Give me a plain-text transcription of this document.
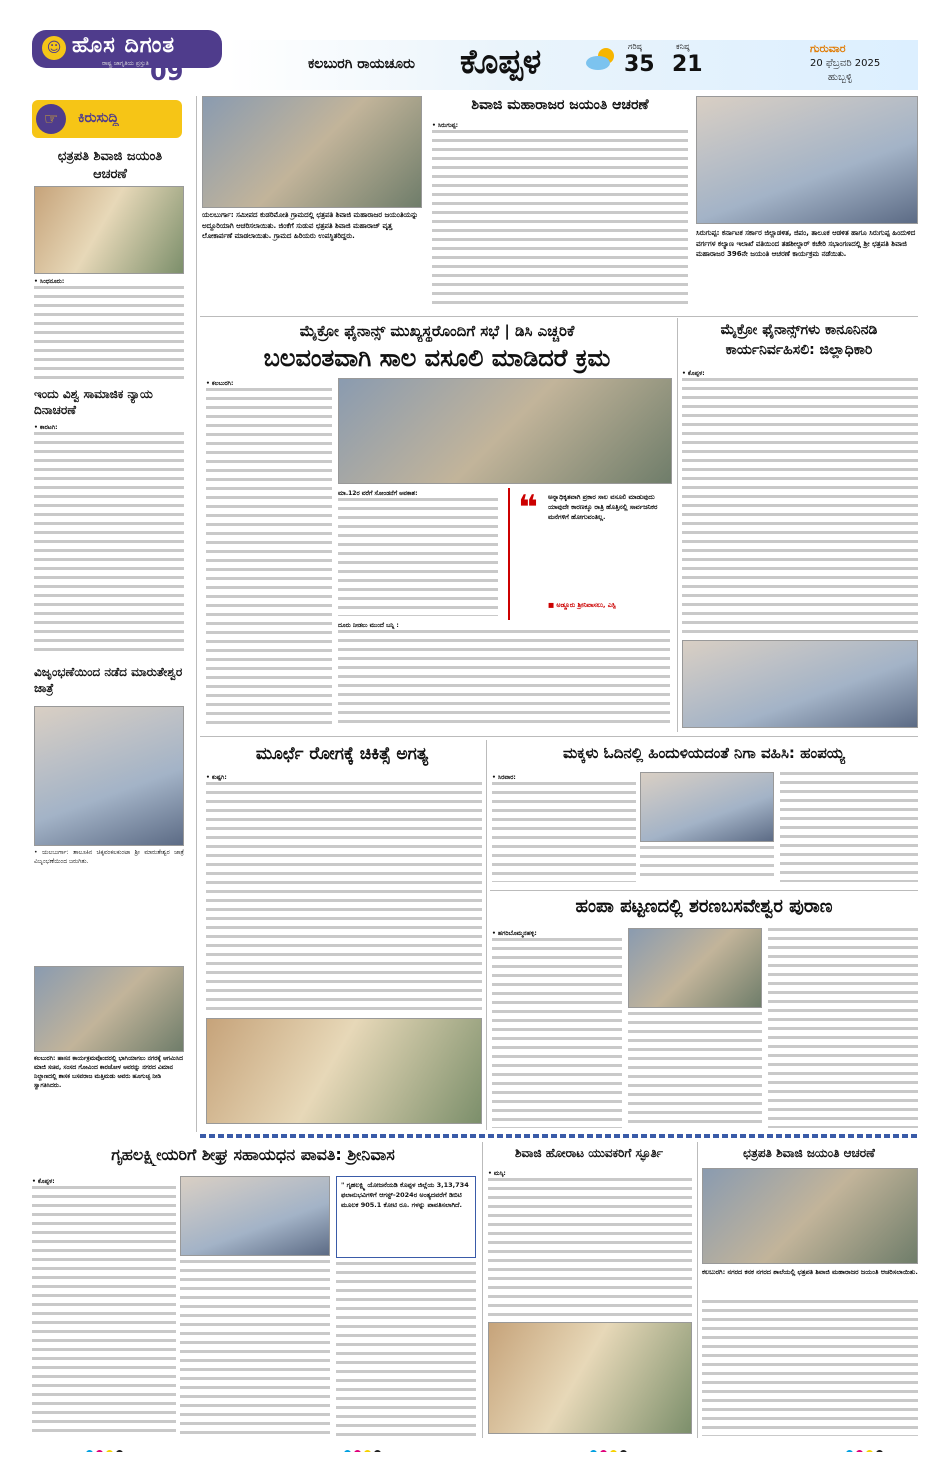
☺ ಹೊಸ ದಿಗಂತ
ರಾಷ್ಟ್ರ ಜಾಗೃತಿಯ ಪ್ರಸ್ತುತಿ 09	ಕಲಬುರಗಿ ರಾಯಚೂರು ಕೊಪ್ಪಳ	ಗರಿಷ್ಠ
35
ಕನಿಷ್ಠ
21
ಗುರುವಾರ
20 ಫೆಬ್ರವರಿ 2025
ಹುಬ್ಬಳ್ಳಿ
☞	ಕಿರುಸುದ್ದಿ
ಛತ್ರಪತಿ ಶಿವಾಜಿ ಜಯಂತಿ ಆಚರಣೆ
• ಸಿಂಧನೂರು:
ಇಂದು ವಿಶ್ವ ಸಾಮಾಜಿಕ ನ್ಯಾಯ ದಿನಾಚರಣೆ
• ಕಾರಟಗಿ:
ವಿಜೃಂಭಣೆಯಿಂದ ನಡೆದ ಮಾರುತೇಶ್ವರ ಜಾತ್ರೆ
• ಯಲಬುರ್ಗಾ: ತಾಲೂಕಿನ ಚಿಕ್ಕವಂಕಲಕುಂಟಾ ಶ್ರೀ ಮಾರುತೇಶ್ವರ ಜಾತ್ರೆ ವಿಜೃಂಭಣೆಯಿಂದ ಜರುಗಿತು.
ಕಲಬುರಗಿ: ಹಾಸನ ಕಾರ್ಯಕ್ರಮವೊಂದರಲ್ಲಿ ಭಾಗಿಯಾಗಲು ನಗರಕ್ಕೆ ಆಗಮಿಸಿದ ಮಾಜಿ ಸಚಿವ, ಸಂಸದ ಗೋವಿಂದ ಕಾರಜೋಳ ಅವರನ್ನು ನಗರದ ವಿಮಾನ ನಿಲ್ದಾಣದಲ್ಲಿ ಶಾಸಕ ಬಸವರಾಜ ಮತ್ತಿಮಡು ಅವರು ಹೂಗುಚ್ಛ ನೀಡಿ ಸ್ವಾಗತಿಸಿದರು.
ಯಲಬುರ್ಗಾ: ಸಮೀಪದ ಕುಡರಿಮೋತಿ ಗ್ರಾಮದಲ್ಲಿ ಛತ್ರಪತಿ ಶಿವಾಜಿ ಮಹಾರಾಜರ ಜಯಂತಿಯನ್ನು ಅದ್ದೂರಿಯಾಗಿ ಆಚರಿಸಲಾಯಿತು. ಜಿಂಕೆಗೆ ಸುಡುವ ಛತ್ರಪತಿ ಶಿವಾಜಿ ಮಹಾರಾಜ್ ವೃತ್ತ ಲೋಕಾರ್ಪಣೆ ಮಾಡಲಾಯಿತು. ಗ್ರಾಮದ ಹಿರಿಯರು ಉಪಸ್ಥಿತರಿದ್ದರು.
ಶಿವಾಜಿ ಮಹಾರಾಜರ ಜಯಂತಿ ಆಚರಣೆ
• ಸಿರುಗುಪ್ಪ:
ಸಿರುಗುಪ್ಪ: ಕರ್ನಾಟಕ ಸರ್ಕಾರ ಜಿಲ್ಲಾಡಳಿತ, ಜಿಪಂ, ತಾಲೂಕ ಆಡಳಿತ ಹಾಗೂ ಸಿರುಗುಪ್ಪ ಹಿಂದುಳಿದ ವರ್ಗಗಳ ಕಲ್ಯಾಣ ಇಲಾಖೆ ವತಿಯಿಂದ ತಹಶೀಲ್ದಾರ್ ಕಚೇರಿ ಸಭಾಂಗಣದಲ್ಲಿ ಶ್ರೀ ಛತ್ರಪತಿ ಶಿವಾಜಿ ಮಹಾರಾಜರ 396ನೇ ಜಯಂತಿ ಆಚರಣೆ ಕಾರ್ಯಕ್ರಮ ನಡೆಯಿತು.
ಮೈಕ್ರೋ ಫೈನಾನ್ಸ್ ಮುಖ್ಯಸ್ಥರೊಂದಿಗೆ ಸಭೆ | ಡಿಸಿ ಎಚ್ಚರಿಕೆ
ಬಲವಂತವಾಗಿ ಸಾಲ ವಸೂಲಿ ಮಾಡಿದರೆ ಕ್ರಮ
• ಕಲಬುರಗಿ:
ಮಾ.12ರ ವರೆಗೆ ಸೋಂಡನೆಗೆ ಅವಕಾಶ:
ದೂರು ನೀಡಲು ಮುಂದೆ ಬನ್ನಿ :
❝ ಅನ್ನಾಧಿಕೃತವಾಗಿ ಪ್ರಕಾರ ಸಾಲ ವಸೂಲಿ ಮಾಡುವುದು ಯಾವುದೇ ಕಾರಣಕ್ಕೂ ರಾತ್ರಿ ಹೊತ್ತಿನಲ್ಲಿ ಸಾರ್ವಜನಿಕರ ಮನೆಗಳಿಗೆ ಹೋಗುವಂತಿಲ್ಲ.
■ ಅಡ್ಡೂರು ಶ್ರೀನಿವಾಸಲು, ಎಸ್ಪಿ
ಮೈಕ್ರೋ ಫೈನಾನ್ಸ್‌ಗಳು ಕಾನೂನಿನಡಿ ಕಾರ್ಯನಿರ್ವಹಿಸಲಿ: ಜಿಲ್ಲಾಧಿಕಾರಿ
• ಕೊಪ್ಪಳ:
ಮೂರ್ಛೆ ರೋಗಕ್ಕೆ ಚಿಕಿತ್ಸೆ ಅಗತ್ಯ
• ಕುಷ್ಟಗಿ:
ಮಕ್ಕಳು ಓದಿನಲ್ಲಿ ಹಿಂದುಳಿಯದಂತೆ ನಿಗಾ ವಹಿಸಿ: ಹಂಪಯ್ಯ
• ಸಿರವಾರ:
ಹಂಪಾ ಪಟ್ಟಣದಲ್ಲಿ ಶರಣಬಸವೇಶ್ವರ ಪುರಾಣ
• ಹಗರಿಬೊಮ್ಮನಹಳ್ಳಿ:
ಗೃಹಲಕ್ಷ್ಮೀಯರಿಗೆ ಶೀಘ್ರ ಸಹಾಯಧನ ಪಾವತಿ: ಶ್ರೀನಿವಾಸ
• ಕೊಪ್ಪಳ:	" ಗೃಹಲಕ್ಷ್ಮಿ ಯೋಜನೆಯಡಿ ಕೊಪ್ಪಳ ಜಿಲ್ಲೆಯ 3,13,734 ಫಲಾನುಭವಿಗಳಿಗೆ ಆಗಸ್ಟ್-2024ರ ಅಂತ್ಯದವರೆಗೆ ಡಿಬಿಟಿ ಮೂಲಕ 905.1 ಕೋಟಿ ರೂ. ಗಳನ್ನು ಪಾವತಿಸಲಾಗಿದೆ.
ಶಿವಾಜಿ ಹೋರಾಟ ಯುವಕರಿಗೆ ಸ್ಫೂರ್ತಿ
• ಮಸ್ಕಿ:
ಛತ್ರಪತಿ ಶಿವಾಜಿ ಜಯಂತಿ ಆಚರಣೆ
ಕಲಬುರಗಿ: ನಗರದ ಕನಕ ನಗರದ ಶಾಲೆಯಲ್ಲಿ ಛತ್ರಪತಿ ಶಿವಾಜಿ ಮಹಾರಾಜರ ಜಯಂತಿ ಆಚರಿಸಲಾಯಿತು.
